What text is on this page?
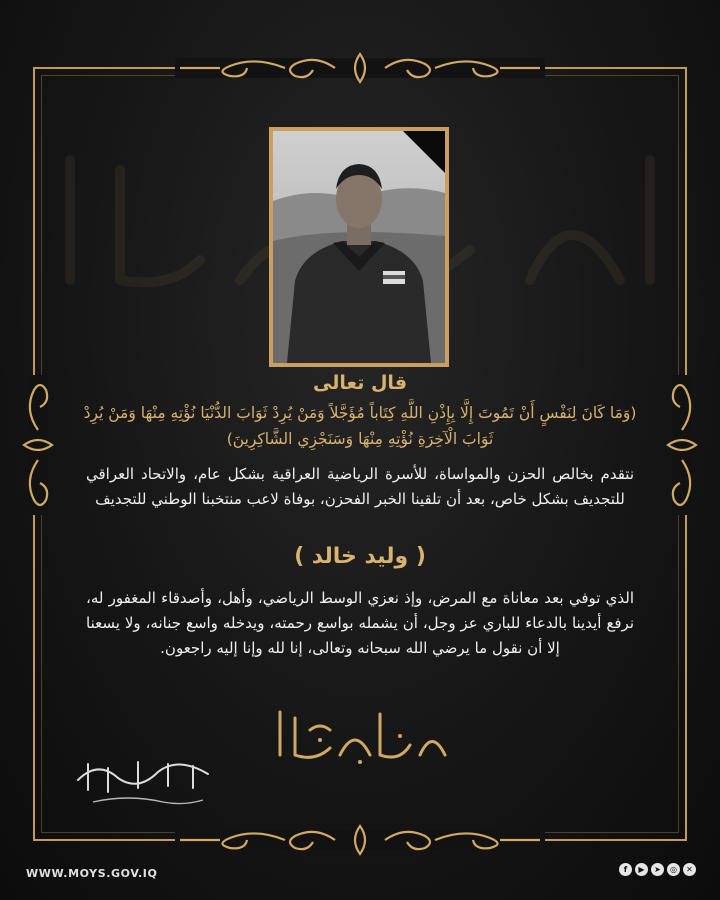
قال تعالى
(وَمَا كَانَ لِنَفْسٍ أَنْ تَمُوتَ إِلَّا بِإِذْنِ اللَّهِ كِتَاباً مُؤَجَّلاً وَمَنْ يُرِدْ ثَوَابَ الدُّنْيَا نُؤْتِهِ مِنْهَا وَمَنْ يُرِدْ ثَوَابَ الْآخِرَةِ نُؤْتِهِ مِنْهَا وَسَنَجْزِي الشَّاكِرِينَ)
نتقدم بخالص الحزن والمواساة، للأسرة الرياضية العراقية بشكل عام، والاتحاد العراقي للتجديف بشكل خاص، بعد أن تلقينا الخبر الفحزن، بوفاة لاعب منتخبنا الوطني للتجديف
( وليد خالد )
الذي توفي بعد معاناة مع المرض، وإذ نعزي الوسط الرياضي، وأهل، وأصدقاء المغفور له، نرفع أيدينا بالدعاء للباري عز وجل، أن يشمله بواسع رحمته، ويدخله واسع جنانه، ولا يسعنا إلا أن نقول ما يرضي الله سبحانه وتعالى، إنا لله وإنا إليه راجعون.
WWW.MOYS.GOV.IQ	f	▶	➤	◎	✕
